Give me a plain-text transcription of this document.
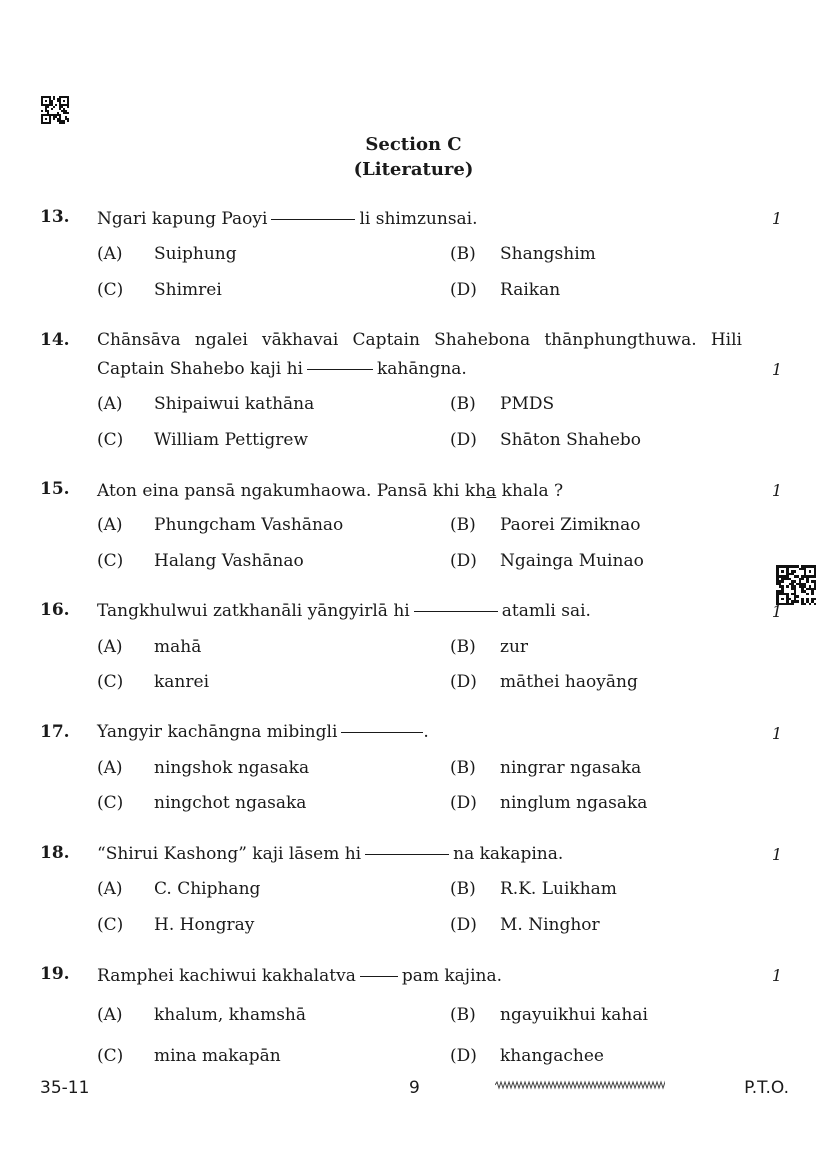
Section C
(Literature)
13. Ngari kapung Paoyi	li shimzunsai.	1
(A) Suiphung	(B) Shangshim
(C) Shimrei	(D) Raikan
14. Chānsāva ngalei vākhavai Captain Shahebona thānphungthuwa. Hili
Captain Shahebo kaji hi	kahāngna.	1
(A) Shipaiwui kathāna	(B) PMDS
(C) William Pettigrew	(D) Shāton Shahebo
15. Aton eina pansā ngakumhaowa. Pansā khi kha khala ?	1
(A) Phungcham Vashānao	(B) Paorei Zimiknao
(C) Halang Vashānao	(D) Ngainga Muinao
16. Tangkhulwui zatkhanāli yāngyirlā hi	atamli sai.	1
(A) mahā	(B) zur
(C) kanrei	(D) māthei haoyāng
17. Yangyir kachāngna mibingli	.	1
(A) ningshok ngasaka	(B) ningrar ngasaka
(C) ningchot ngasaka	(D) ninglum ngasaka
18. “Shirui Kashong” kaji lāsem hi	na kakapina.	1
(A) C. Chiphang	(B) R.K. Luikham
(C) H. Hongray	(D) M. Ninghor
19. Ramphei kachiwui kakhalatva	pam kajina.	1
(A) khalum, khamshā	(B) ngayuikhui kahai
(C) mina makapān	(D) khangachee
35-11	9	P.T.O.
